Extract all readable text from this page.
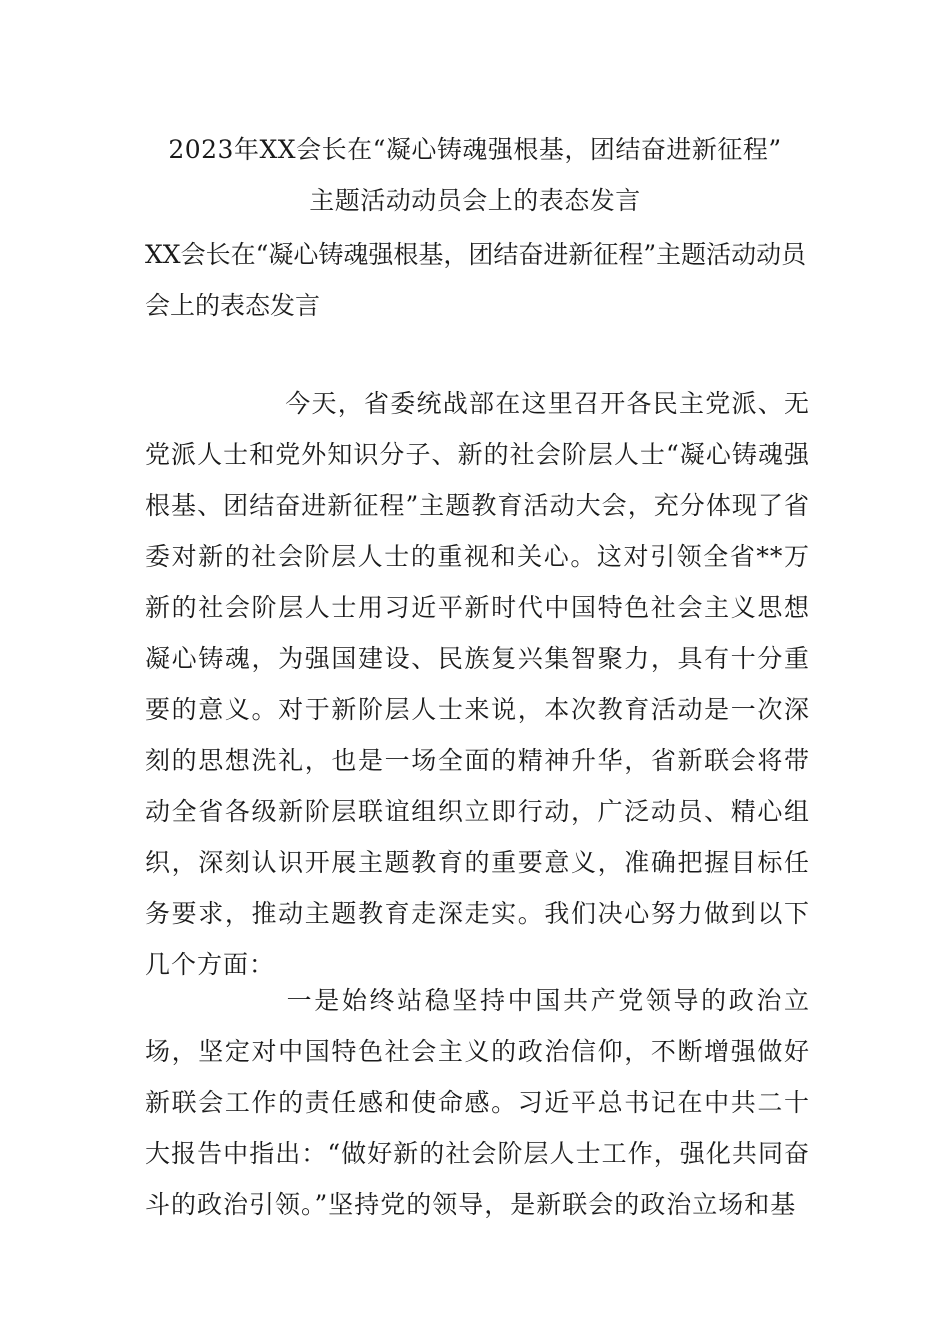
2023年XX会长在“凝心铸魂强根基，团结奋进新征程”
主题活动动员会上的表态发言
XX会长在“凝心铸魂强根基，团结奋进新征程”主题活动动员会上的表态发言
今天，省委统战部在这里召开各民主党派、无党派人士和党外知识分子、新的社会阶层人士“凝心铸魂强根基、团结奋进新征程”主题教育活动大会，充分体现了省委对新的社会阶层人士的重视和关心。这对引领全省**万新的社会阶层人士用习近平新时代中国特色社会主义思想凝心铸魂，为强国建设、民族复兴集智聚力，具有十分重要的意义。对于新阶层人士来说，本次教育活动是一次深刻的思想洗礼，也是一场全面的精神升华，省新联会将带动全省各级新阶层联谊组织立即行动，广泛动员、精心组织，深刻认识开展主题教育的重要意义，准确把握目标任务要求，推动主题教育走深走实。我们决心努力做到以下几个方面：
一是始终站稳坚持中国共产党领导的政治立场，坚定对中国特色社会主义的政治信仰，不断增强做好新联会工作的责任感和使命感。习近平总书记在中共二十大报告中指出：“做好新的社会阶层人士工作，强化共同奋斗的政治引领。”坚持党的领导，是新联会的政治立场和基
